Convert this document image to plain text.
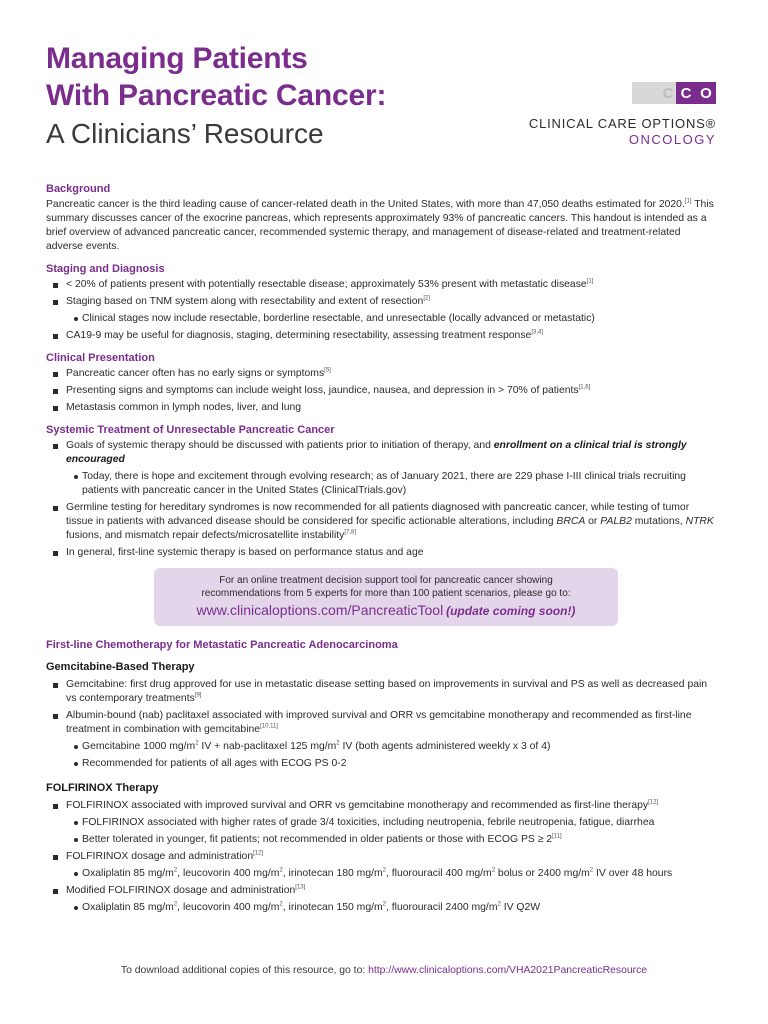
Managing Patients
With Pancreatic Cancer:
A Clinicians’ Resource
C C O
CLINICAL CARE OPTIONS®
ONCOLOGY
Background

Pancreatic cancer is the third leading cause of cancer-related death in the United States, with more than 47,050 deaths estimated for 2020.[1] This summary discusses cancer of the exocrine pancreas, which represents approximately 93% of pancreatic cancers. This handout is intended as a brief overview of advanced pancreatic cancer, recommended systemic therapy, and management of disease-related and treatment-related adverse events.

Staging and Diagnosis
< 20% of patients present with potentially resectable disease; approximately 53% present with metastatic disease[1]
Staging based on TNM system along with resectability and extent of resection[2]
Clinical stages now include resectable, borderline resectable, and unresectable (locally advanced or metastatic)
CA19-9 may be useful for diagnosis, staging, determining resectability, assessing treatment response[3,4]
Clinical Presentation
Pancreatic cancer often has no early signs or symptoms[5]
Presenting signs and symptoms can include weight loss, jaundice, nausea, and depression in > 70% of patients[1,6]
Metastasis common in lymph nodes, liver, and lung
Systemic Treatment of Unresectable Pancreatic Cancer
Goals of systemic therapy should be discussed with patients prior to initiation of therapy, and enrollment on a clinical trial is strongly encouraged
Today, there is hope and excitement through evolving research; as of January 2021, there are 229 phase I-III clinical trials recruiting patients with pancreatic cancer in the United States (ClinicalTrials.gov)
Germline testing for hereditary syndromes is now recommended for all patients diagnosed with pancreatic cancer, while testing of tumor tissue in patients with advanced disease should be considered for specific actionable alterations, including BRCA or PALB2 mutations, NTRK fusions, and mismatch repair defects/microsatellite instability[7,8]
In general, first-line systemic therapy is based on performance status and age
For an online treatment decision support tool for pancreatic cancer showing
recommendations from 5 experts for more than 100 patient scenarios, please go to:
www.clinicaloptions.com/PancreaticTool (update coming soon!)
First-line Chemotherapy for Metastatic Pancreatic Adenocarcinoma
Gemcitabine-Based Therapy
Gemcitabine: first drug approved for use in metastatic disease setting based on improvements in survival and PS as well as decreased pain vs contemporary treatments[9]
Albumin-bound (nab) paclitaxel associated with improved survival and ORR vs gemcitabine monotherapy and recommended as first-line treatment in combination with gemcitabine[10,11]
Gemcitabine 1000 $mg/m^2$ IV + nab-paclitaxel 125 $mg/m^2$ IV (both agents administered weekly x 3 of 4)
Recommended for patients of all ages with ECOG PS 0-2
FOLFIRINOX Therapy
FOLFIRINOX associated with improved survival and ORR vs gemcitabine monotherapy and recommended as first-line therapy[12]
FOLFIRINOX associated with higher rates of grade 3/4 toxicities, including neutropenia, febrile neutropenia, fatigue, diarrhea
Better tolerated in younger, fit patients; not recommended in older patients or those with ECOG PS ≥ 2[11]
FOLFIRINOX dosage and administration[12]
Oxaliplatin 85 $mg/m^2$, leucovorin 400 $mg/m^2$, irinotecan 180 $mg/m^2$, fluorouracil 400 $mg/m^2$ bolus or 2400 $mg/m^2$ IV over 48 hours
Modified FOLFIRINOX dosage and administration[13]
Oxaliplatin 85 $mg/m^2$, leucovorin 400 $mg/m^2$, irinotecan 150 $mg/m^2$, fluorouracil 2400 $mg/m^2$ IV Q2W
To download additional copies of this resource, go to: http://www.clinicaloptions.com/VHA2021PancreaticResource
